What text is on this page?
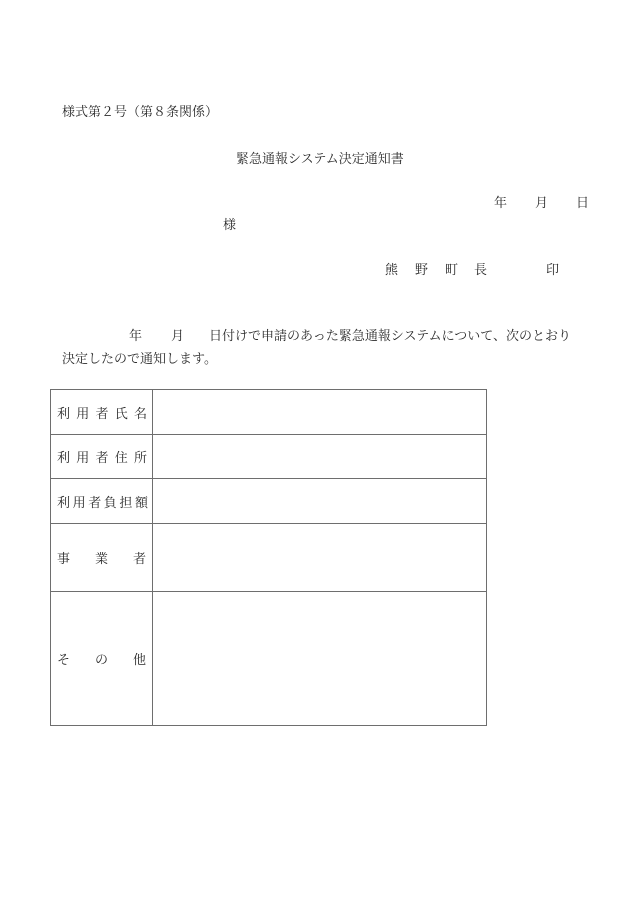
様式第２号（第８条関係）
緊急通報システム決定通知書
年 月 日
様
熊 野 町 長	印
年 月 日付けで申請のあった緊急通報システムについて、次のとおり
決定したので通知します。
利 用 者 氏 名	

利 用 者 住 所	

利 用 者 負 担 額

事 業 者	

そ の 他	
